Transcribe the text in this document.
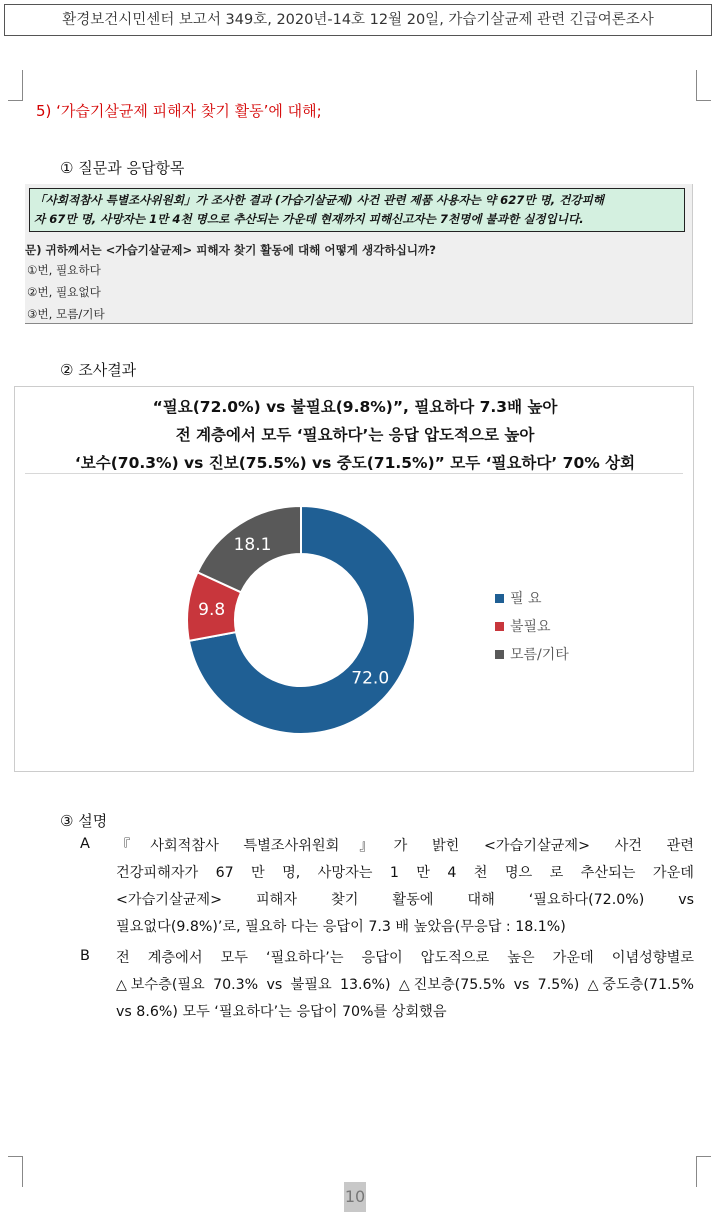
환경보건시민센터 보고서 349호, 2020년-14호 12월 20일, 가습기살균제 관련 긴급여론조사
5) ‘가습기살균제 피해자 찾기 활동’에 대해;
① 질문과 응답항목
「사회적참사 특별조사위원회」가 조사한 결과 (가습기살균제) 사건 관련 제품 사용자는 약 627만 명, 건강피해
자 67만 명, 사망자는 1만 4천 명으로 추산되는 가운데 현재까지 피해신고자는 7천명에 불과한 실정입니다.
문) 귀하께서는 <가습기살균제> 피해자 찾기 활동에 대해 어떻게 생각하십니까?
①번, 필요하다
②번, 필요없다
③번, 모름/기타
② 조사결과
“필요(72.0%) vs 불필요(9.8%)”, 필요하다 7.3배 높아
전 계층에서 모두 ‘필요하다’는 응답 압도적으로 높아
‘보수(70.3%) vs 진보(75.5%) vs 중도(71.5%)” 모두 ‘필요하다’ 70% 상회
72.0
9.8
18.1
필 요
불필요
모름/기타
③ 설명
A 『사회적참사 특별조사위원회』가 밝힌 <가습기살균제> 사건 관련
건강피해자가 67 만 명, 사망자는 1 만 4 천 명으 로 추산되는 가운데
<가습기살균제> 피해자 찾기 활동에 대해 ‘필요하다(72.0%) vs
필요없다(9.8%)’로, 필요하 다는 응답이 7.3 배 높았음(무응답 : 18.1%)
B 전 계층에서 모두 ‘필요하다’는 응답이 압도적으로 높은 가운데 이념성향별로
△보수층(필요 70.3% vs 불필요 13.6%) △진보층(75.5% vs 7.5%) △중도층(71.5%
vs 8.6%) 모두 ‘필요하다’는 응답이 70%를 상회했음
10
